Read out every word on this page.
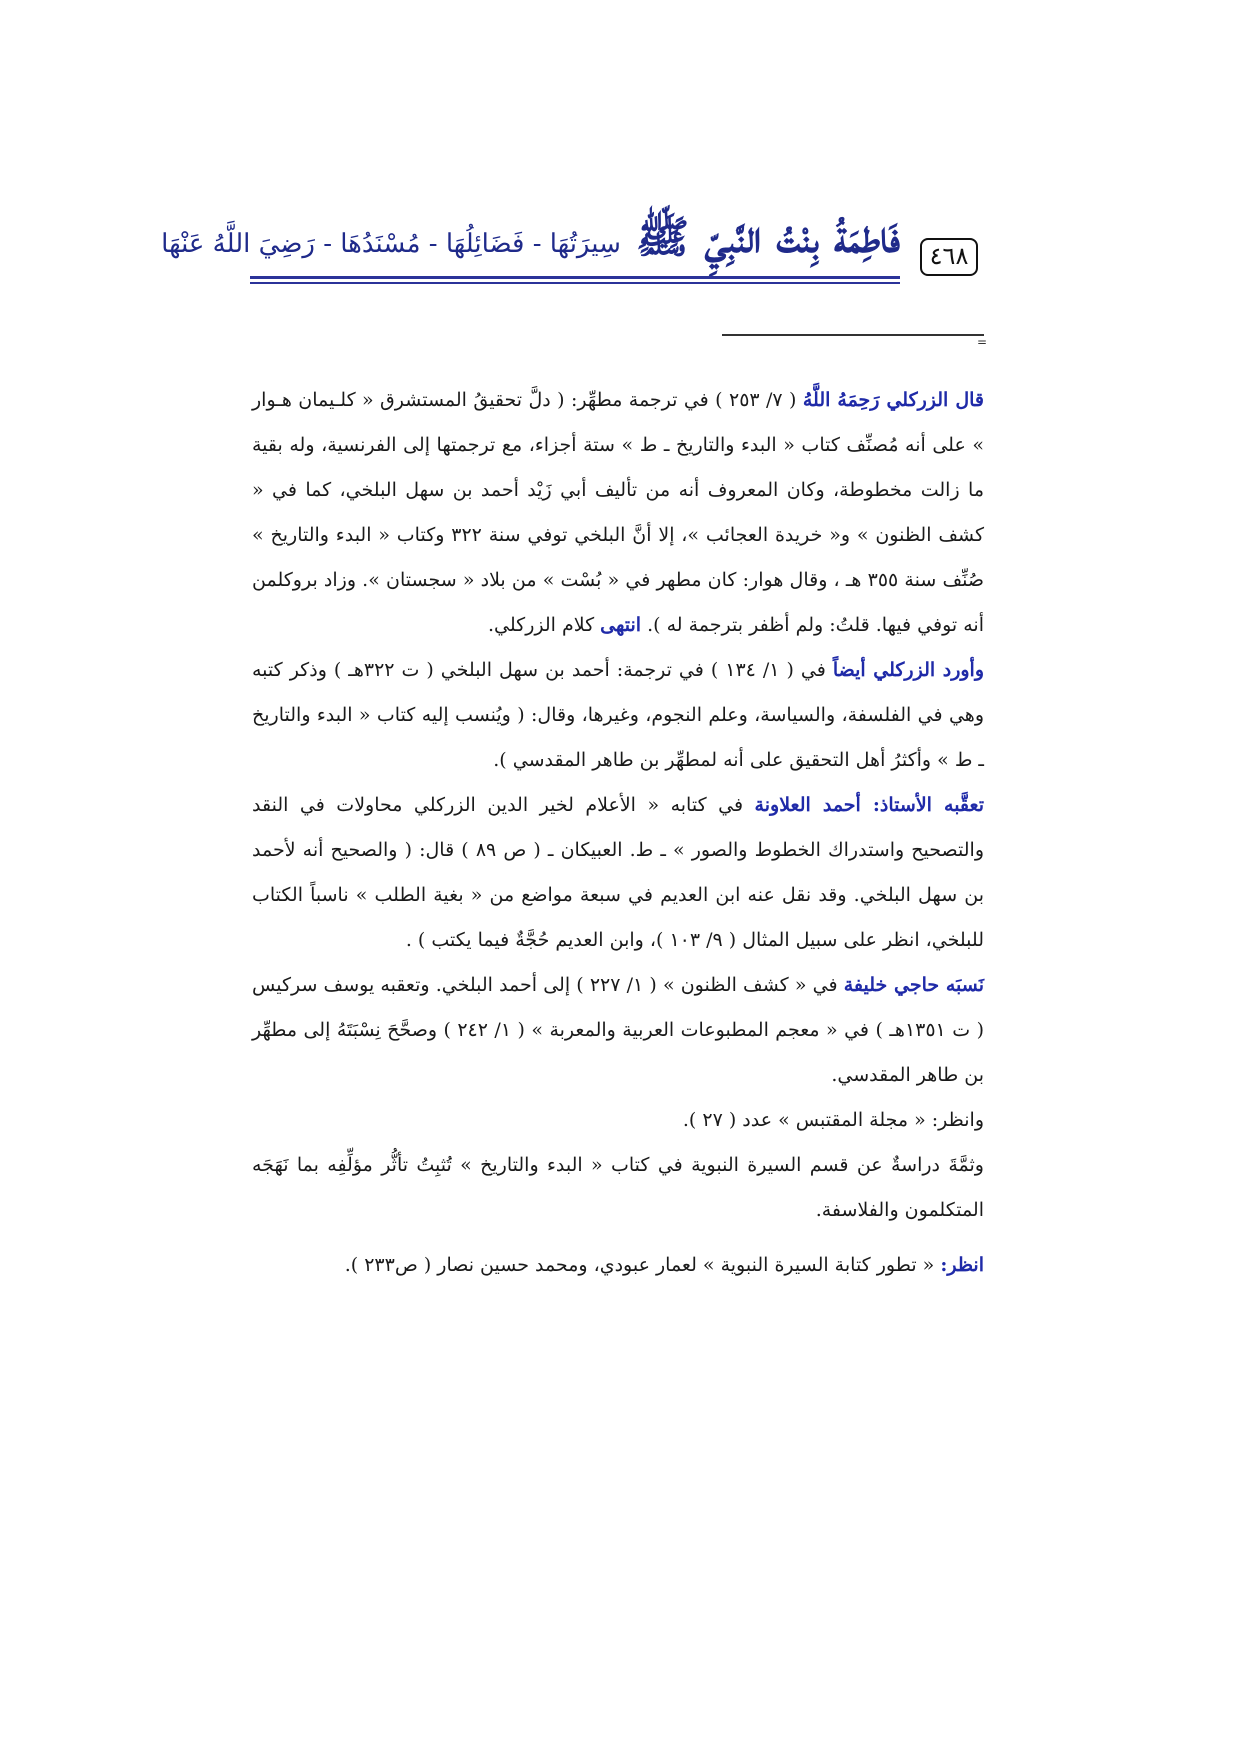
فَاطِمَةُ بِنْتُ النَّبِيِّ ﷺ سِيرَتُهَا - فَضَائِلُهَا - مُسْنَدُهَا - رَضِيَ اللَّهُ عَنْهَا	٤٦٨
=

قال الزركلي رَحِمَهُ اللَّهُ ( ٧/ ٢٥٣ ) في ترجمة مطهِّر: ( دلَّ تحقيقُ المستشرق « كلـيمان هـوار » على أنه مُصنِّف كتاب « البدء والتاريخ ـ ط » ستة أجزاء، مع ترجمتها إلى الفرنسية، وله بقية ما زالت مخطوطة، وكان المعروف أنه من تأليف أبي زَيْد أحمد بن سهل البلخي، كما في « كشف الظنون » و« خريدة العجائب »، إلا أنَّ البلخي توفي سنة ٣٢٢ وكتاب « البدء والتاريخ » صُنِّف سنة ٣٥٥ هـ ، وقال هوار: كان مطهر في « بُسْت » من بلاد « سجستان ». وزاد بروكلمن أنه توفي فيها. قلتُ: ولم أظفر بترجمة له ). انتهى كلام الزركلي.

وأورد الزركلي أيضاً في ( ١/ ١٣٤ ) في ترجمة: أحمد بن سهل البلخي ( ت ٣٢٢هـ ) وذكر كتبه وهي في الفلسفة، والسياسة، وعلم النجوم، وغيرها، وقال: ( ويُنسب إليه كتاب « البدء والتاريخ ـ ط » وأكثرُ أهل التحقيق على أنه لمطهِّر بن طاهر المقدسي ).

تعقَّبه الأستاذ: أحمد العلاونة في كتابه « الأعلام لخير الدين الزركلي محاولات في النقد والتصحيح واستدراك الخطوط والصور » ـ ط. العبيكان ـ ( ص ٨٩ ) قال: ( والصحيح أنه لأحمد بن سهل البلخي. وقد نقل عنه ابن العديم في سبعة مواضع من « بغية الطلب » ناسباً الكتاب للبلخي، انظر على سبيل المثال ( ٩/ ١٠٣ )، وابن العديم حُجَّةٌ فيما يكتب ) .

نَسبَه حاجي خليفة في « كشف الظنون » ( ١/ ٢٢٧ ) إلى أحمد البلخي. وتعقبه يوسف سركيس ( ت ١٣٥١هـ ) في « معجم المطبوعات العربية والمعربة » ( ١/ ٢٤٢ ) وصحَّحَ نِسْبَتَهُ إلى مطهِّر بن طاهر المقدسي.

وانظر: « مجلة المقتبس » عدد ( ٢٧ ).

وثمَّةَ دراسةٌ عن قسم السيرة النبوية في كتاب « البدء والتاريخ » تُثبِتُ تأثُّر مؤلِّفِه بما نَهَجَه المتكلمون والفلاسفة.

انظر: « تطور كتابة السيرة النبوية » لعمار عبودي، ومحمد حسين نصار ( ص٢٣٣ ).
